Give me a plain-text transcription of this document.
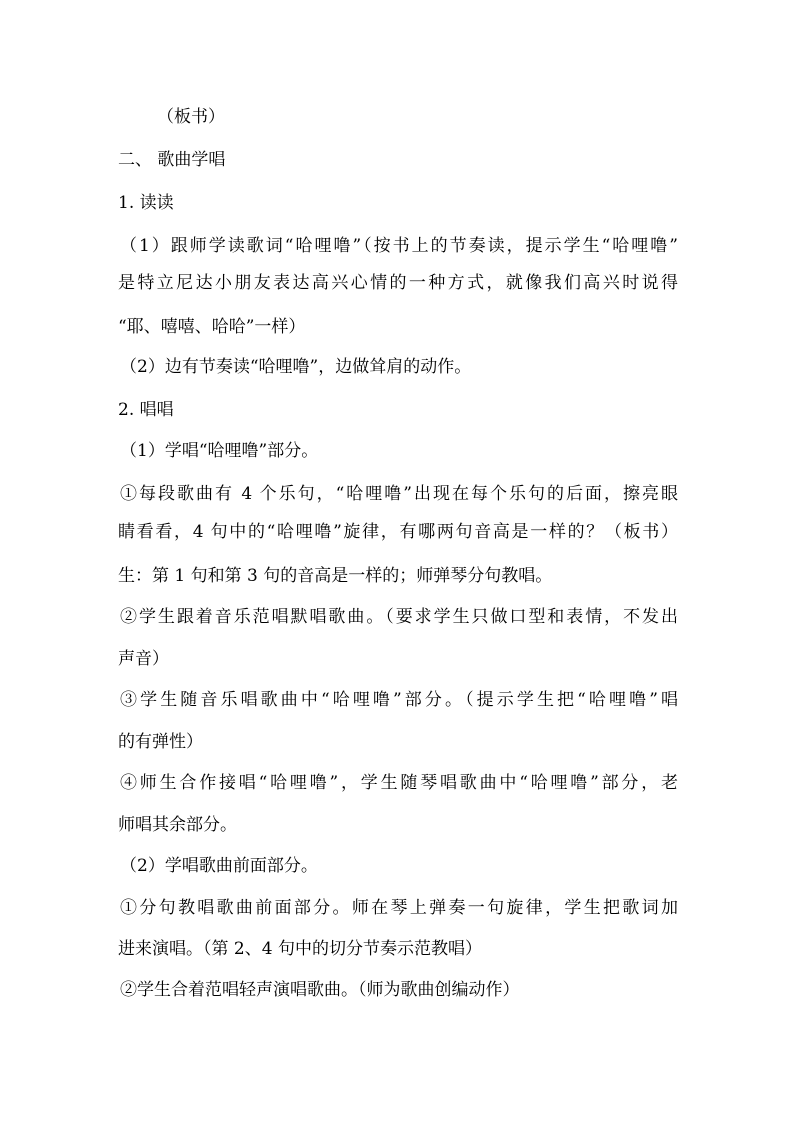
（板书）
二、 歌曲学唱
1. 读读
（1）跟师学读歌词“哈哩噜”（按书上的节奏读，提示学生“哈哩噜”
是特立尼达小朋友表达高兴心情的一种方式，就像我们高兴时说得
“耶、嘻嘻、哈哈”一样）
（2）边有节奏读“哈哩噜”，边做耸肩的动作。
2. 唱唱
（1）学唱“哈哩噜”部分。
①每段歌曲有 4 个乐句，“哈哩噜”出现在每个乐句的后面，擦亮眼
睛看看，4 句中的“哈哩噜”旋律，有哪两句音高是一样的？（板书）
生：第 1 句和第 3 句的音高是一样的；师弹琴分句教唱。
②学生跟着音乐范唱默唱歌曲。（要求学生只做口型和表情，不发出
声音）
③学生随音乐唱歌曲中“哈哩噜”部分。（提示学生把“哈哩噜”唱
的有弹性）
④师生合作接唱“哈哩噜”，学生随琴唱歌曲中“哈哩噜”部分，老
师唱其余部分。
（2）学唱歌曲前面部分。
①分句教唱歌曲前面部分。师在琴上弹奏一句旋律，学生把歌词加
进来演唱。（第 2、4 句中的切分节奏示范教唱）
②学生合着范唱轻声演唱歌曲。（师为歌曲创编动作）
